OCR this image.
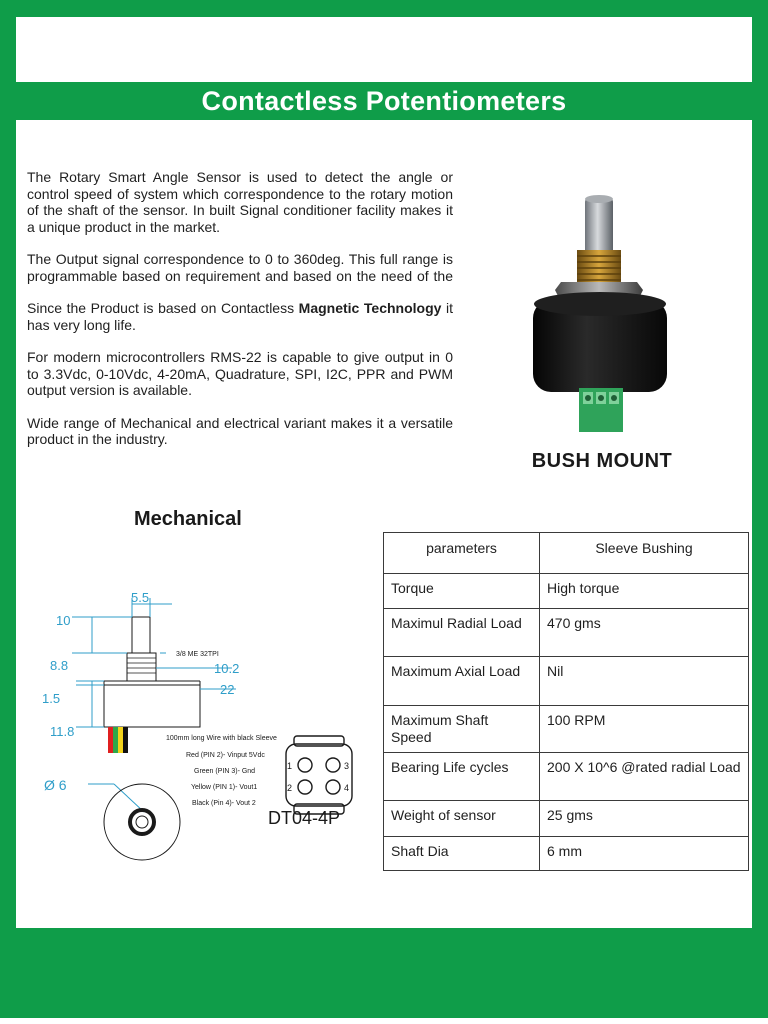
Contactless Potentiometers

The Rotary Smart Angle Sensor is used to detect the angle or control speed of system which correspondence to the rotary motion of the shaft of the sensor. In built Signal conditioner facility makes it a unique product in the market.

The Output signal correspondence to 0 to 360deg. This full range is programmable based on requirement and based on the need of the

Since the Product is based on Contactless Magnetic Technology it has very long life.

For modern microcontrollers RMS-22 is capable to give output in 0 to 3.3Vdc, 0-10Vdc, 4-20mA, Quadrature, SPI, I2C, PPR and PWM output version is available.

Wide range of Mechanical and electrical variant makes it a versatile product in the industry.

BUSH MOUNT
Mechanical
5.5
10
8.8
3/8 ME 32TPI
10.2
22
1.5
11.8	100mm long Wire with black Sleeve
Red (PIN 2)- Vinput 5Vdc
Green (PIN 3)- Gnd
Yellow (PIN 1)- Vout1
Black (Pin 4)- Vout 2
Ø 6
1
2
3
4
DT04-4P
parameters	Sleeve Bushing
Torque	High torque
Maximul Radial Load	470 gms
Maximum Axial Load	Nil
Maximum Shaft Speed	100 RPM
Bearing Life cycles	200 X 10^6 @rated radial Load
Weight of sensor	25 gms
Shaft Dia	6 mm
